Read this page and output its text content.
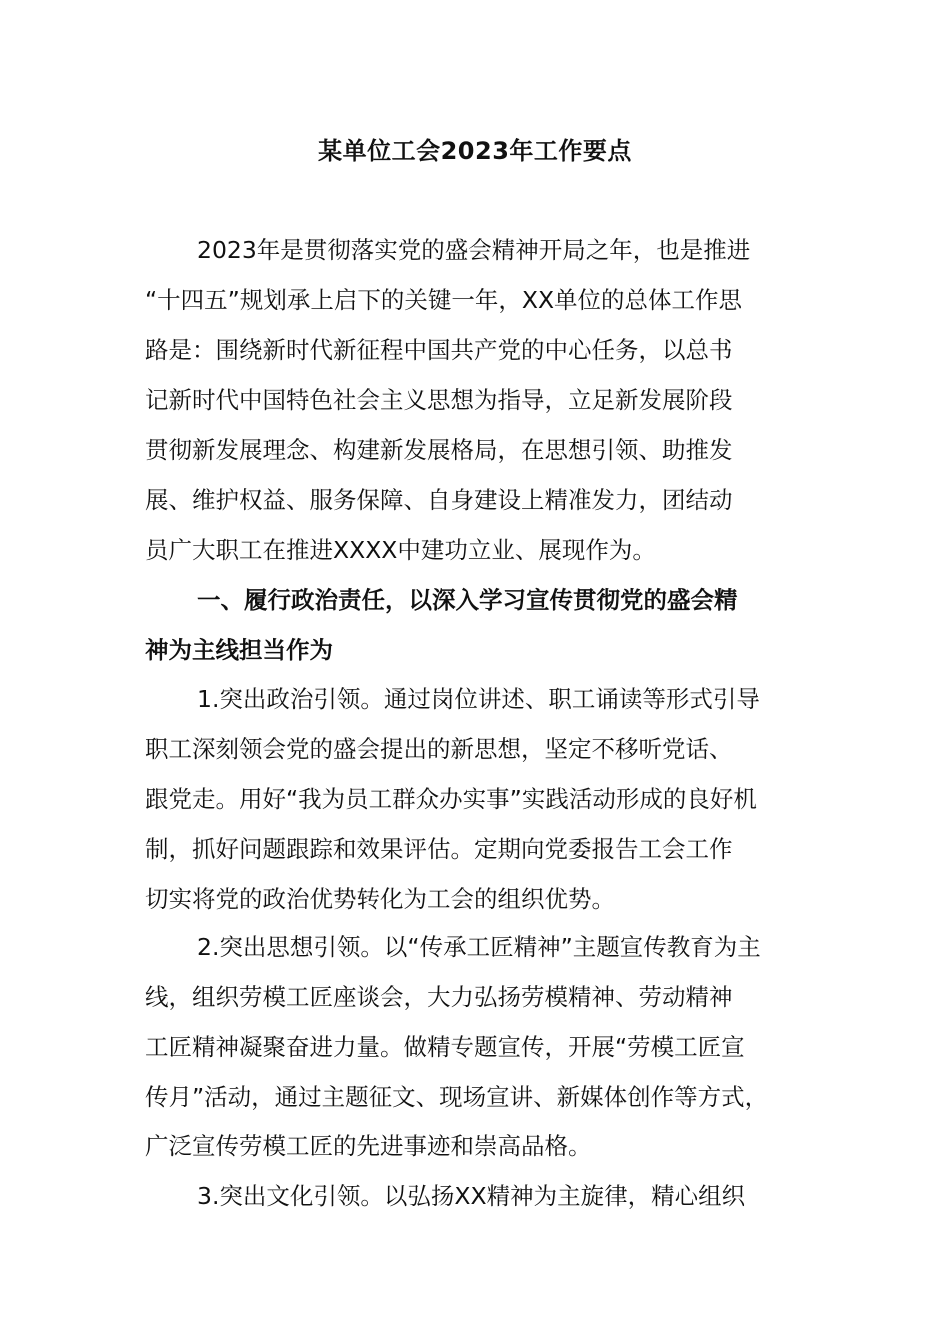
某单位工会2023年工作要点
2023年是贯彻落实党的盛会精神开局之年，也是推进
“十四五”规划承上启下的关键一年，XX单位的总体工作思
路是：围绕新时代新征程中国共产党的中心任务，以总书
记新时代中国特色社会主义思想为指导，立足新发展阶段
贯彻新发展理念、构建新发展格局，在思想引领、助推发
展、维护权益、服务保障、自身建设上精准发力，团结动
员广大职工在推进XXXX中建功立业、展现作为。
一、履行政治责任，以深入学习宣传贯彻党的盛会精
神为主线担当作为
1.突出政治引领。通过岗位讲述、职工诵读等形式引导
职工深刻领会党的盛会提出的新思想，坚定不移听党话、
跟党走。用好“我为员工群众办实事”实践活动形成的良好机
制，抓好问题跟踪和效果评估。定期向党委报告工会工作
切实将党的政治优势转化为工会的组织优势。
2.突出思想引领。以“传承工匠精神”主题宣传教育为主
线，组织劳模工匠座谈会，大力弘扬劳模精神、劳动精神
工匠精神凝聚奋进力量。做精专题宣传，开展“劳模工匠宣
传月”活动，通过主题征文、现场宣讲、新媒体创作等方式，
广泛宣传劳模工匠的先进事迹和崇高品格。
3.突出文化引领。以弘扬XX精神为主旋律，精心组织
